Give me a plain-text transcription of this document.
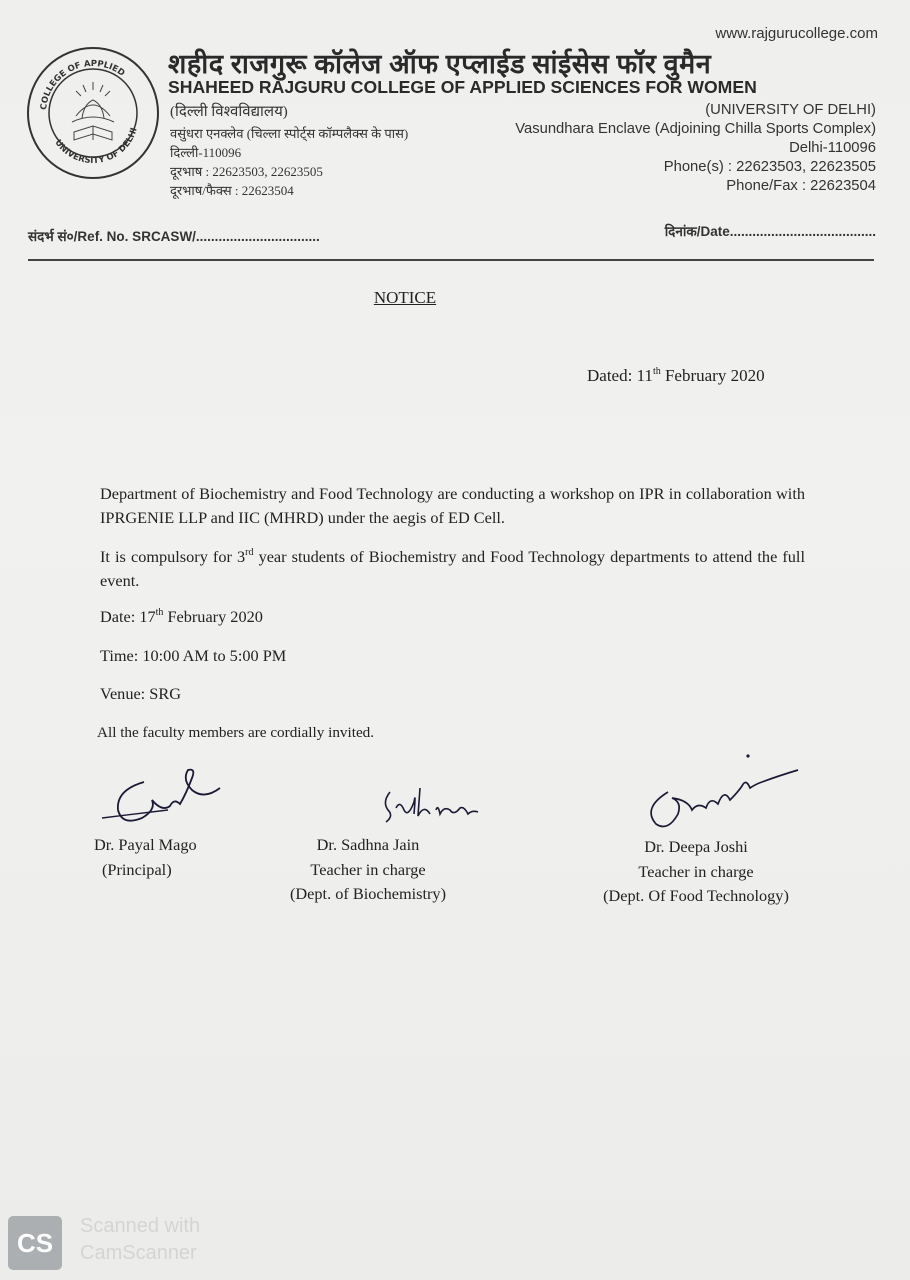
www.rajgurucollege.com
COLLEGE OF APPLIED
UNIVERSITY OF DELHI
शहीद राजगुरू कॉलेज ऑफ एप्लाईड सांईसेस फॉर वुमैन
SHAHEED RAJGURU COLLEGE OF APPLIED SCIENCES FOR WOMEN
(दिल्ली विश्वविद्यालय)
वसुंधरा एनक्लेव (चिल्ला स्पोर्ट्स कॉम्पलैक्स के पास)
दिल्ली-110096
दूरभाष : 22623503, 22623505
दूरभाष/फैक्स : 22623504
(UNIVERSITY OF DELHI)
Vasundhara Enclave (Adjoining Chilla Sports Complex)
Delhi-110096
Phone(s) : 22623503, 22623505
Phone/Fax : 22623504
संदर्भ सं०/Ref. No. SRCASW/.................................	दिनांक/Date.......................................
NOTICE
Dated: 11th February 2020
Department of Biochemistry and Food Technology are conducting a workshop on IPR in collaboration with IPRGENIE LLP and IIC (MHRD) under the aegis of ED Cell.
It is compulsory for 3rd year students of Biochemistry and Food Technology departments to attend the full event.
Date: 17th February 2020
Time: 10:00 AM to 5:00 PM
Venue: SRG
All the faculty members are cordially invited.
Dr. Payal Mago
(Principal)
Dr. Sadhna Jain
Teacher in charge
(Dept. of Biochemistry)
Dr. Deepa Joshi
Teacher in charge
(Dept. Of Food Technology)
CS
Scanned with
CamScanner
